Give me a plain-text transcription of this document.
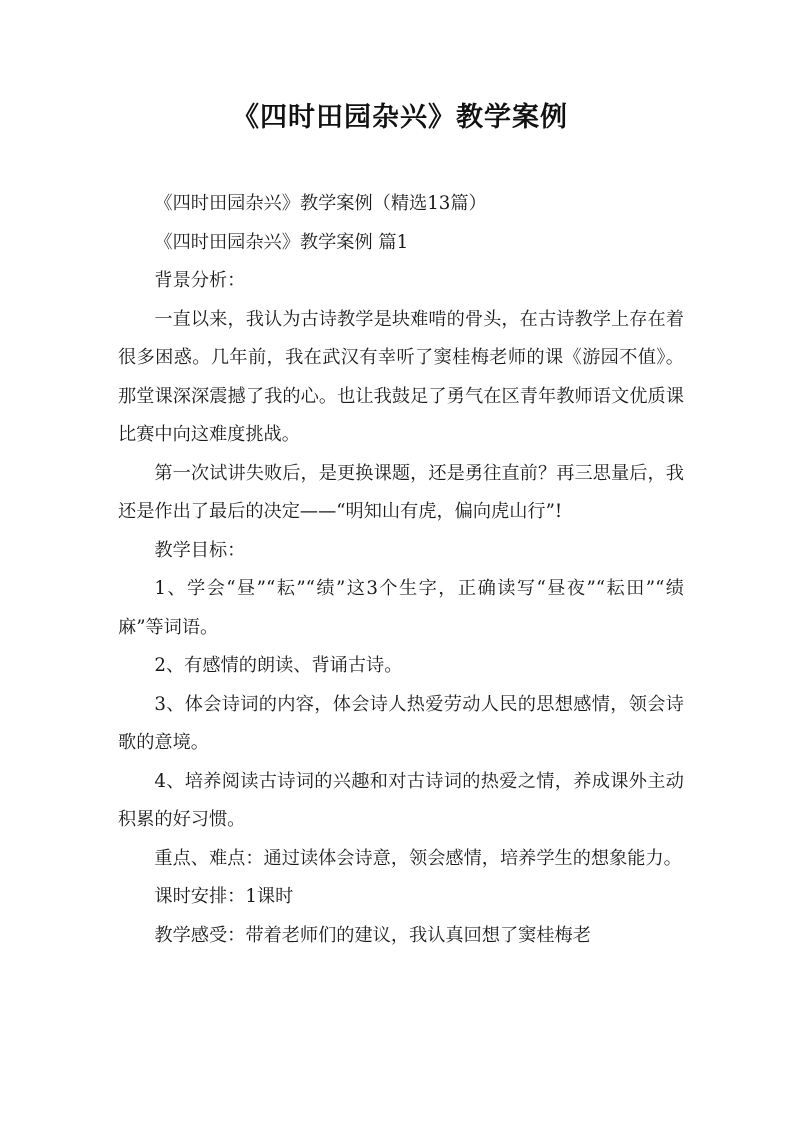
《四时田园杂兴》教学案例

《四时田园杂兴》教学案例（精选13篇）

《四时田园杂兴》教学案例 篇1

背景分析：

一直以来，我认为古诗教学是块难啃的骨头，在古诗教学上存在着很多困惑。几年前，我在武汉有幸听了窦桂梅老师的课《游园不值》。那堂课深深震撼了我的心。也让我鼓足了勇气在区青年教师语文优质课比赛中向这难度挑战。

第一次试讲失败后，是更换课题，还是勇往直前？再三思量后，我还是作出了最后的决定——“明知山有虎，偏向虎山行”!

教学目标：

1、学会“昼”“耘”“绩”这3个生字，正确读写“昼夜”“耘田”“绩麻”等词语。

2、有感情的朗读、背诵古诗。

3、体会诗词的内容，体会诗人热爱劳动人民的思想感情，领会诗歌的意境。

4、培养阅读古诗词的兴趣和对古诗词的热爱之情，养成课外主动积累的好习惯。

重点、难点：通过读体会诗意，领会感情，培养学生的想象能力。

课时安排：1课时

教学感受：带着老师们的建议，我认真回想了窦桂梅老
